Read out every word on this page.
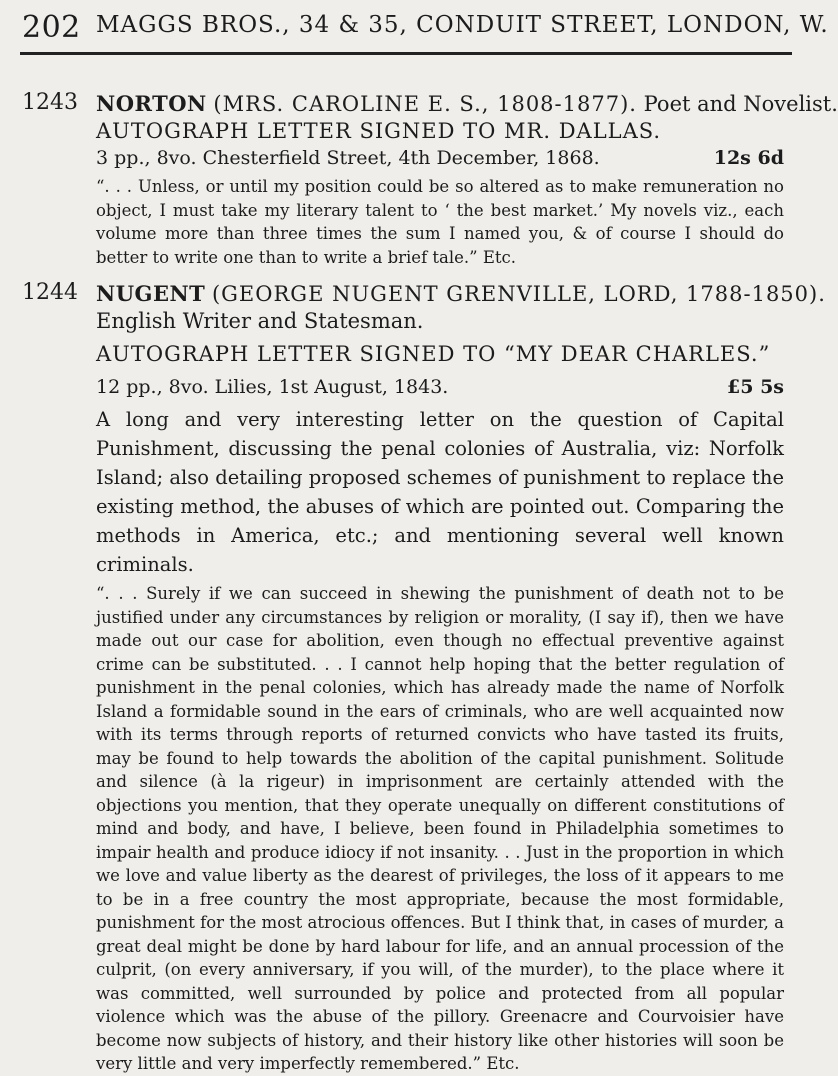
202 MAGGS BROS., 34 & 35, CONDUIT STREET, LONDON, W.
1243 NORTON (MRS. CAROLINE E. S., 1808-1877). Poet and Novelist.
AUTOGRAPH LETTER SIGNED TO MR. DALLAS.
3 pp., 8vo. Chesterfield Street, 4th December, 1868.	12s 6d
“. . . Unless, or until my position could be so altered as to make remuneration no object, I must take my literary talent to ‘ the best market.’ My novels viz., each volume more than three times the sum I named you, & of course I should do better to write one than to write a brief tale.” Etc.
1244 NUGENT (GEORGE NUGENT GRENVILLE, LORD, 1788-1850).
English Writer and Statesman.
AUTOGRAPH LETTER SIGNED TO “MY DEAR CHARLES.”
12 pp., 8vo. Lilies, 1st August, 1843.	£5 5s
A long and very interesting letter on the question of Capital Punishment, discussing the penal colonies of Australia, viz: Norfolk Island; also detailing proposed schemes of punishment to replace the existing method, the abuses of which are pointed out. Comparing the methods in America, etc.; and mentioning several well known criminals.
“. . . Surely if we can succeed in shewing the punishment of death not to be justified under any circumstances by religion or morality, (I say if), then we have made out our case for abolition, even though no effectual preventive against crime can be substituted. . . I cannot help hoping that the better regulation of punishment in the penal colonies, which has already made the name of Norfolk Island a formidable sound in the ears of criminals, who are well acquainted now with its terms through reports of returned convicts who have tasted its fruits, may be found to help towards the abolition of the capital punishment. Solitude and silence (à la rigeur) in imprisonment are certainly attended with the objections you mention, that they operate unequally on different constitutions of mind and body, and have, I believe, been found in Philadelphia sometimes to impair health and produce idiocy if not insanity. . . Just in the proportion in which we love and value liberty as the dearest of privileges, the loss of it appears to me to be in a free country the most appropriate, because the most formidable, punishment for the most atrocious offences. But I think that, in cases of murder, a great deal might be done by hard labour for life, and an annual procession of the culprit, (on every anniversary, if you will, of the murder), to the place where it was committed, well surrounded by police and protected from all popular violence which was the abuse of the pillory. Greenacre and Courvoisier have become now subjects of history, and their history like other histories will soon be very little and very imperfectly remembered.” Etc.
